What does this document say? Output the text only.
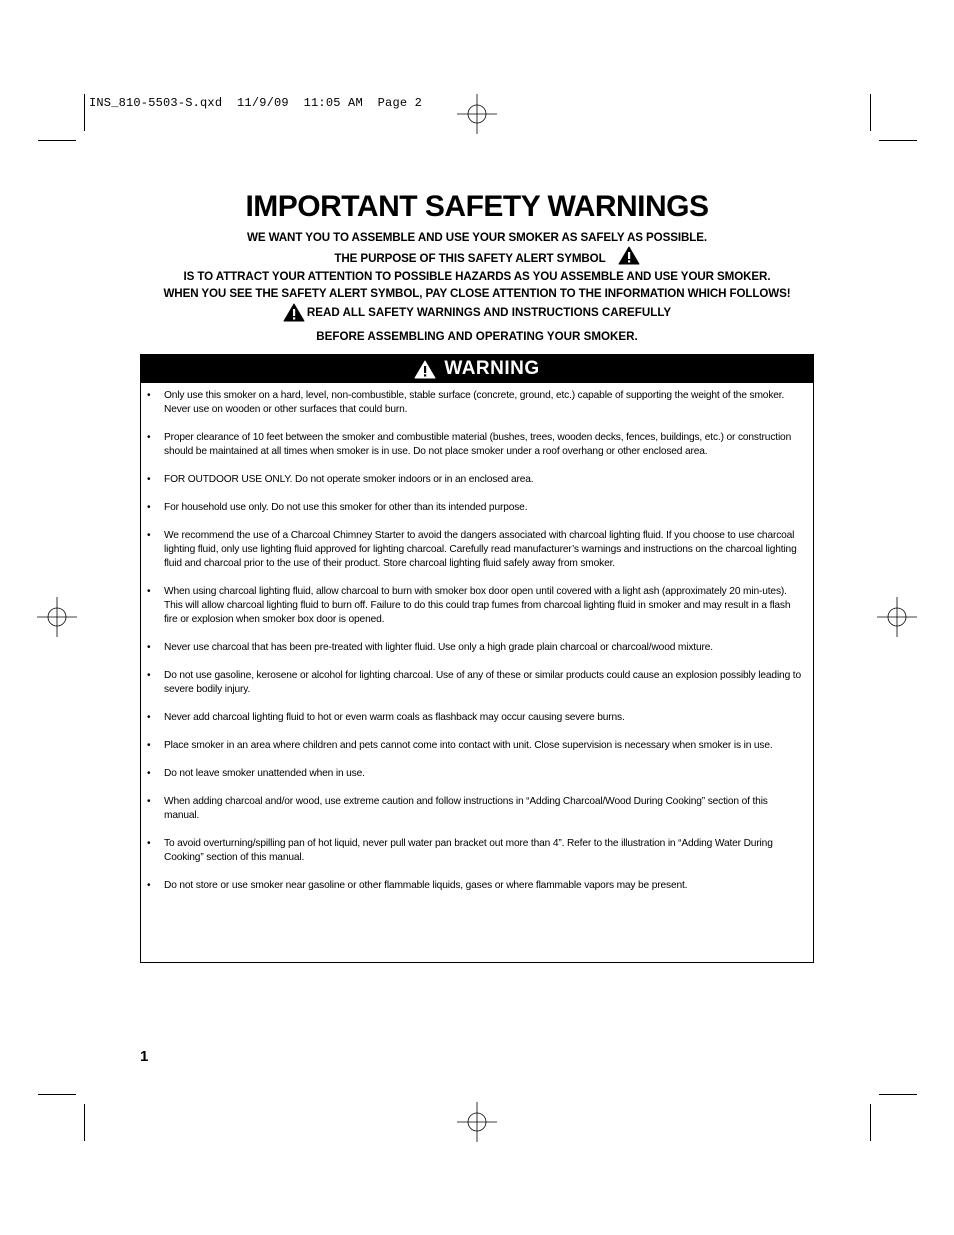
INS_810-5503-S.qxd  11/9/09  11:05 AM  Page 2
IMPORTANT SAFETY WARNINGS
WE WANT YOU TO ASSEMBLE AND USE YOUR SMOKER AS SAFELY AS POSSIBLE.
THE PURPOSE OF THIS SAFETY ALERT SYMBOL
IS TO ATTRACT YOUR ATTENTION TO POSSIBLE HAZARDS AS YOU ASSEMBLE AND USE YOUR SMOKER.
WHEN YOU SEE THE SAFETY ALERT SYMBOL, PAY CLOSE ATTENTION TO THE INFORMATION WHICH FOLLOWS!
READ ALL SAFETY WARNINGS AND INSTRUCTIONS CAREFULLY
BEFORE ASSEMBLING AND OPERATING YOUR SMOKER.
WARNING
• Only use this smoker on a hard, level, non-combustible, stable surface (concrete, ground, etc.) capable of supporting the weight of the smoker. Never use on wooden or other surfaces that could burn.
• Proper clearance of 10 feet between the smoker and combustible material (bushes, trees, wooden decks, fences, buildings, etc.) or construction should be maintained at all times when smoker is in use. Do not place smoker under a roof overhang or other enclosed area.
• FOR OUTDOOR USE ONLY. Do not operate smoker indoors or in an enclosed area.
• For household use only. Do not use this smoker for other than its intended purpose.
• We recommend the use of a Charcoal Chimney Starter to avoid the dangers associated with charcoal lighting fluid. If you choose to use charcoal lighting fluid, only use lighting fluid approved for lighting charcoal. Carefully read manufacturer’s warnings and instructions on the charcoal lighting fluid and charcoal prior to the use of their product. Store charcoal lighting fluid safely away from smoker.
• When using charcoal lighting fluid, allow charcoal to burn with smoker box door open until covered with a light ash (approximately 20 min-utes). This will allow charcoal lighting fluid to burn off. Failure to do this could trap fumes from charcoal lighting fluid in smoker and may result in a flash fire or explosion when smoker box door is opened.
• Never use charcoal that has been pre-treated with lighter fluid. Use only a high grade plain charcoal or charcoal/wood mixture.
• Do not use gasoline, kerosene or alcohol for lighting charcoal. Use of any of these or similar products could cause an explosion possibly leading to severe bodily injury.
• Never add charcoal lighting fluid to hot or even warm coals as flashback may occur causing severe burns.
• Place smoker in an area where children and pets cannot come into contact with unit. Close supervision is necessary when smoker is in use.
• Do not leave smoker unattended when in use.
• When adding charcoal and/or wood, use extreme caution and follow instructions in “Adding Charcoal/Wood During Cooking” section of this manual.
• To avoid overturning/spilling pan of hot liquid, never pull water pan bracket out more than 4”. Refer to the illustration in “Adding Water During Cooking” section of this manual.
• Do not store or use smoker near gasoline or other flammable liquids, gases or where flammable vapors may be present.
1
